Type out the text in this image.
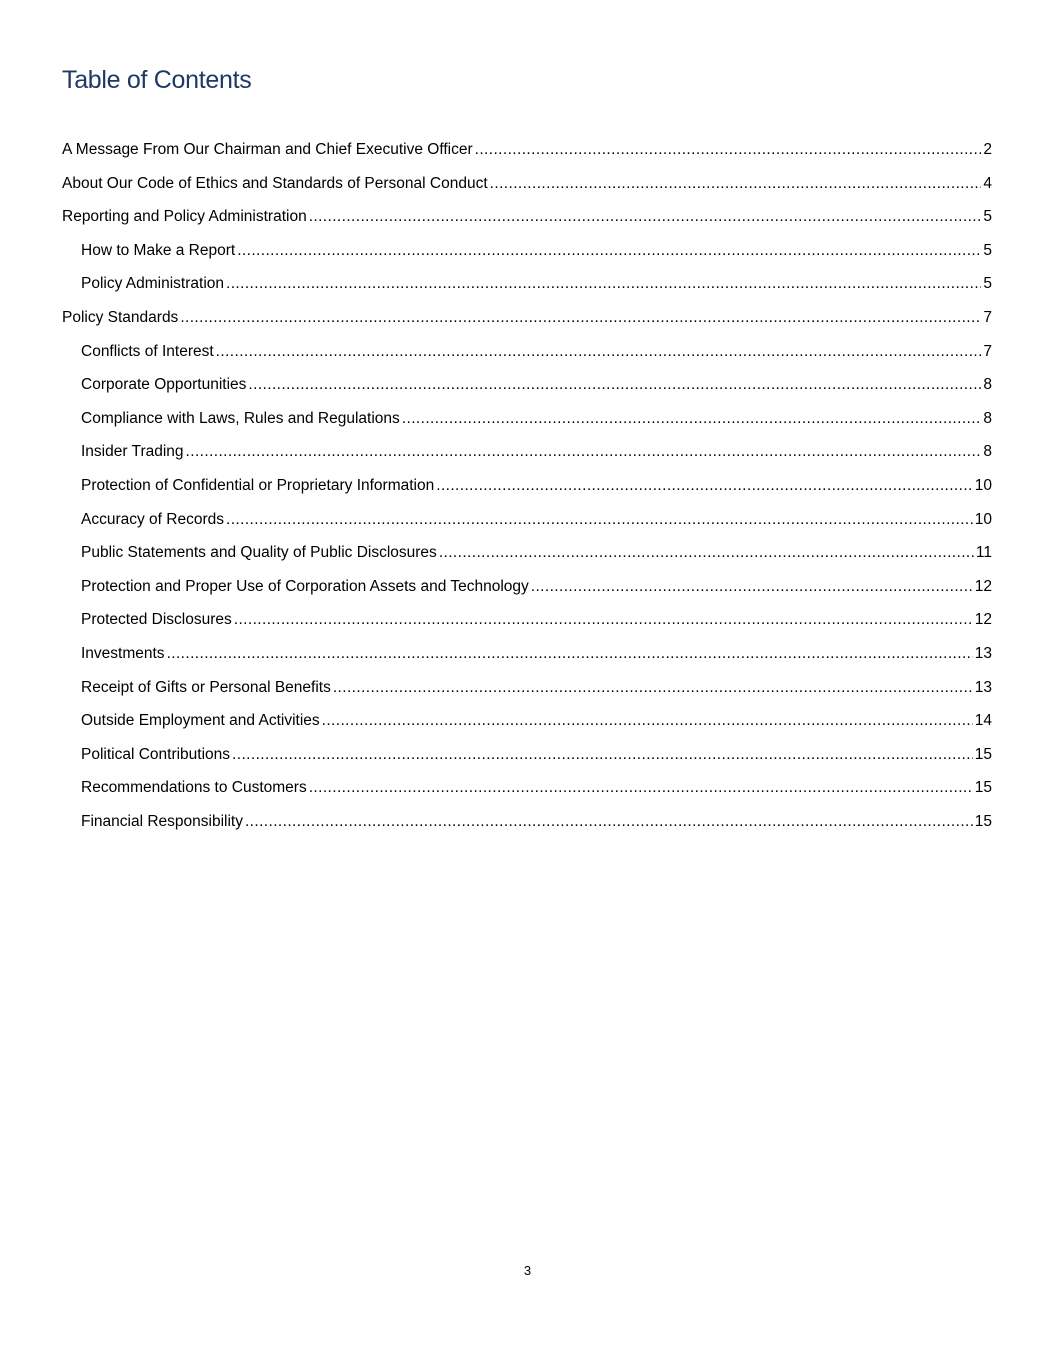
Table of Contents
A Message From Our Chairman and Chief Executive Officer .....	2
About Our Code of Ethics and Standards of Personal Conduct .....	4
Reporting and Policy Administration .....	5
How to Make a Report .....	5
Policy Administration .....	5
Policy Standards .....	7
Conflicts of Interest .....	7
Corporate Opportunities .....	8
Compliance with Laws, Rules and Regulations .....	8
Insider Trading .....	8
Protection of Confidential or Proprietary Information .....	10
Accuracy of Records .....	10
Public Statements and Quality of Public Disclosures .....	11
Protection and Proper Use of Corporation Assets and Technology .....	12
Protected Disclosures .....	12
Investments .....	13
Receipt of Gifts or Personal Benefits .....	13
Outside Employment and Activities .....	14
Political Contributions .....	15
Recommendations to Customers .....	15
Financial Responsibility .....	15
3
